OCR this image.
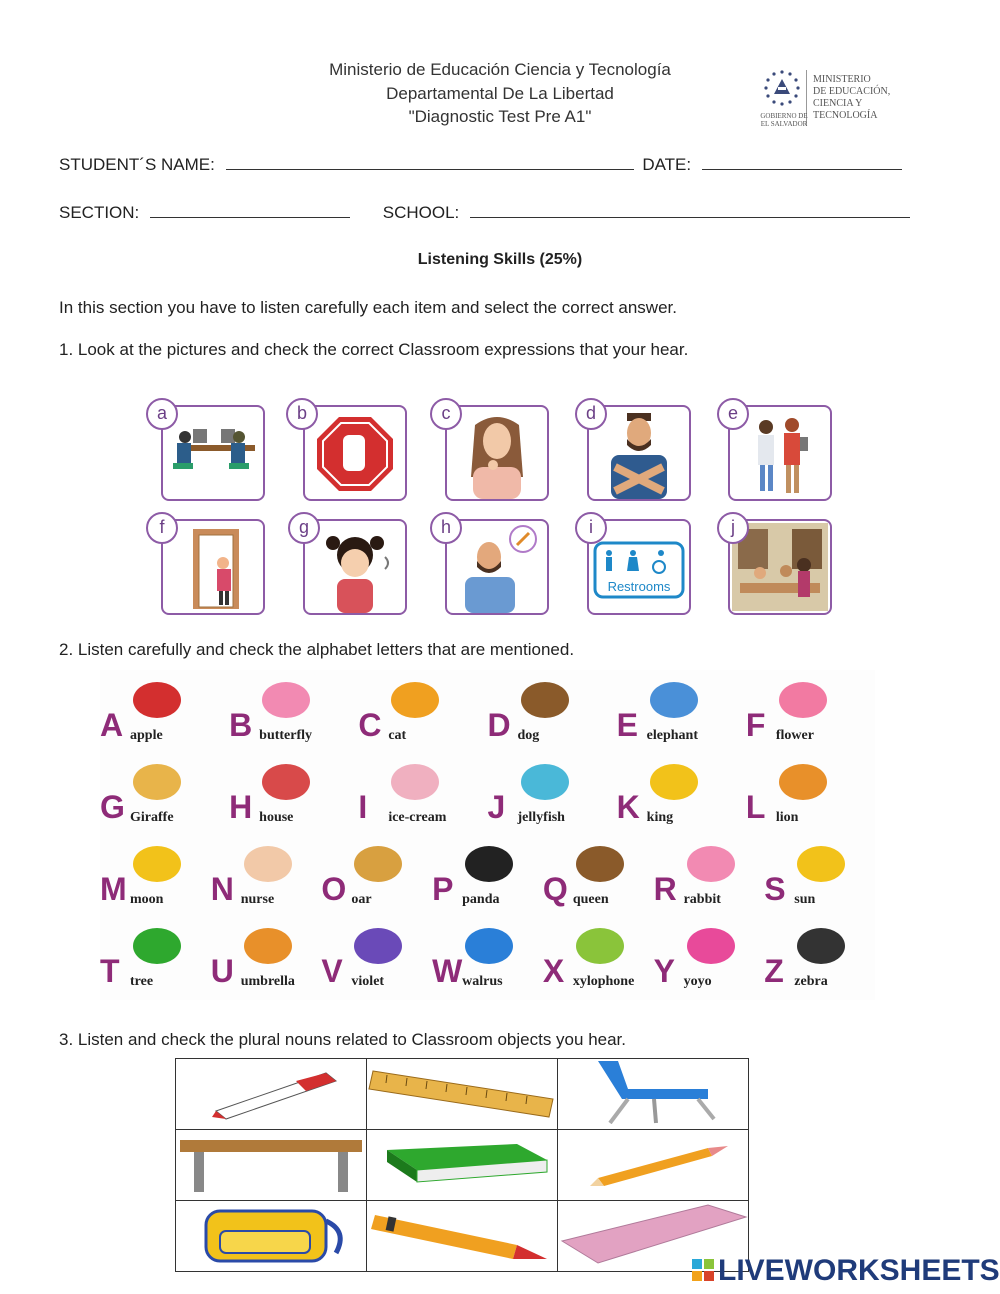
Ministerio de Educación Ciencia y Tecnología
Departamental De La Libertad
"Diagnostic Test Pre A1"
MINISTERIO
DE EDUCACIÓN,
CIENCIA Y
TECNOLOGÍA
GOBIERNO DE EL SALVADOR
STUDENT´S NAME:	DATE:
SECTION:	SCHOOL:
Listening Skills (25%)
In this section you have to listen carefully each item and select the correct answer.
1. Look at the pictures and check the correct Classroom expressions that your hear.
a	b	c	d	e
f	g	h
Restrooms
i	j
2. Listen carefully and check the alphabet letters that are mentioned.
A apple B butterfly C cat	D dog E elephant F flower
G Giraffe H house I ice-cream J jellyfish K king L lion
M moon N nurse O oar P panda Q queen R rabbit S sun
T tree U umbrella V violet W walrus X xylophone Y yoyo Z zebra
3. Listen and check the plural nouns related to Classroom objects you hear.

LIVEWORKSHEETS
